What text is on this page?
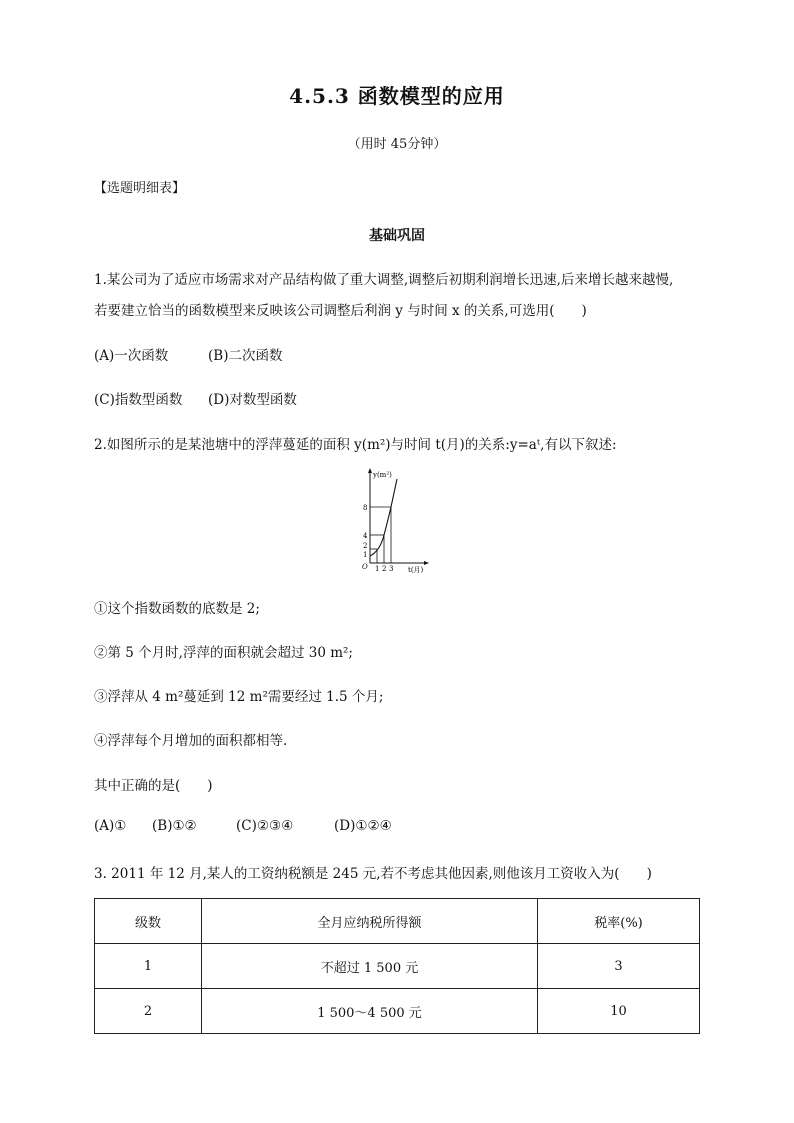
4.5.3 函数模型的应用
（用时 45分钟）
【选题明细表】
基础巩固
1.某公司为了适应市场需求对产品结构做了重大调整,调整后初期利润增长迅速,后来增长越来越慢,
若要建立恰当的函数模型来反映该公司调整后利润 y 与时间 x 的关系,可选用(　　)
(A)一次函数	(B)二次函数
(C)指数型函数 (D)对数型函数
2.如图所示的是某池塘中的浮萍蔓延的面积 y(m²)与时间 t(月)的关系:y=aᵗ,有以下叙述:
y(m²)
8
4
2
1
O 1 2 3 t(月)
①这个指数函数的底数是 2;
②第 5 个月时,浮萍的面积就会超过 30 m²;
③浮萍从 4 m²蔓延到 12 m²需要经过 1.5 个月;
④浮萍每个月增加的面积都相等.
其中正确的是(　　)
(A)① (B)①②	(C)②③④	(D)①②④
3. 2011 年 12 月,某人的工资纳税额是 245 元,若不考虑其他因素,则他该月工资收入为(　　)
级数	全月应纳税所得额	税率(%)
1	不超过 1 500 元	3
2	1 500～4 500 元	10
